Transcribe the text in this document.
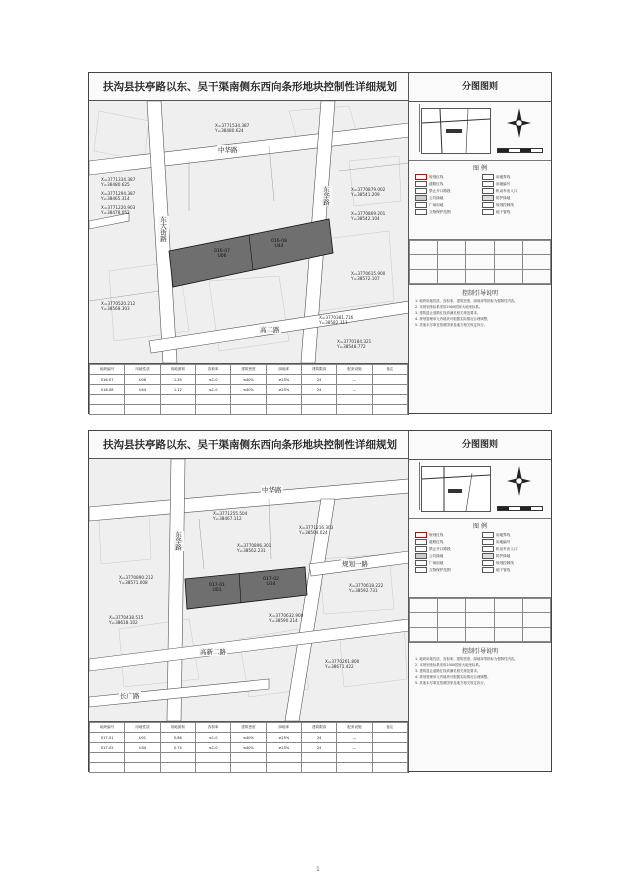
扶沟县扶亭路以东、吴干渠南侧东西向条形地块控制性详细规划
中华路
东大街路
东华路
高二路
016-07
U06
016-08
U44
X=3771534.387
Y=38480.624
X=3771334.387
Y=38480.625
X=3771294.387
Y=38465.314
X=3771220.903
Y=38478.052
X=3770879.002
Y=38541.209
X=3770869.201
Y=38542.104
X=3770615.900
Y=38572.107
X=3770520.212
Y=38568.303
X=3770381.716
Y=38582.311
X=3770184.321
Y=38548.772
地块编号	用地性质	用地面积	容积率	建筑密度	绿地率	建筑限高	配套设施	备注
016-07	U06	1.35	≤1.0	≤40%	≥25%	24	—	
016-08	U44	1.12	≤1.0	≤40%	≥25%	24	—	

分图图则
图 例
规划红线	用地界线
道路红线	用地编号
禁止开口路段	机动车出入口
公共绿地	防护绿地
广场用地	规划控制线
文物保护范围	地下管线

控制引导说明
1. 地块用地性质、容积率、建筑密度、绿地率等指标为强制性内容。
2. 本规划坐标系采用2000国家大地坐标系。
3. 建筑退让道路红线须满足相关规范要求。
4. 规划管理单元内地块可根据实际情况合理调整。
5. 其他未尽事宜按照国家及地方相关规定执行。
扶沟县扶亭路以东、吴干渠南侧东西向条形地块控制性详细规划
中华路
东华路
规划一路
高新二路
长广路
017-01
U01
017-02
U34
X=3771255.504
Y=38467.112
X=3771216.303
Y=38504.024
X=3770896.301
Y=38562.231
X=3770890.212
Y=38571.008
X=3770632.900
Y=38590.214
X=3770618.222
Y=38592.731
X=3770438.515
Y=38618.102
X=3770261.800
Y=38671.422
地块编号	用地性质	用地面积	容积率	建筑密度	绿地率	建筑限高	配套设施	备注
017-01	U01	0.86	≤1.0	≤40%	≥25%	24	—	
017-02	U34	0.74	≤1.0	≤40%	≥25%	24	—	

分图图则
图 例
规划红线	用地界线
道路红线	用地编号
禁止开口路段	机动车出入口
公共绿地	防护绿地
广场用地	规划控制线
文物保护范围	地下管线

控制引导说明
1. 地块用地性质、容积率、建筑密度、绿地率等指标为强制性内容。
2. 本规划坐标系采用2000国家大地坐标系。
3. 建筑退让道路红线须满足相关规范要求。
4. 规划管理单元内地块可根据实际情况合理调整。
5. 其他未尽事宜按照国家及地方相关规定执行。
1
